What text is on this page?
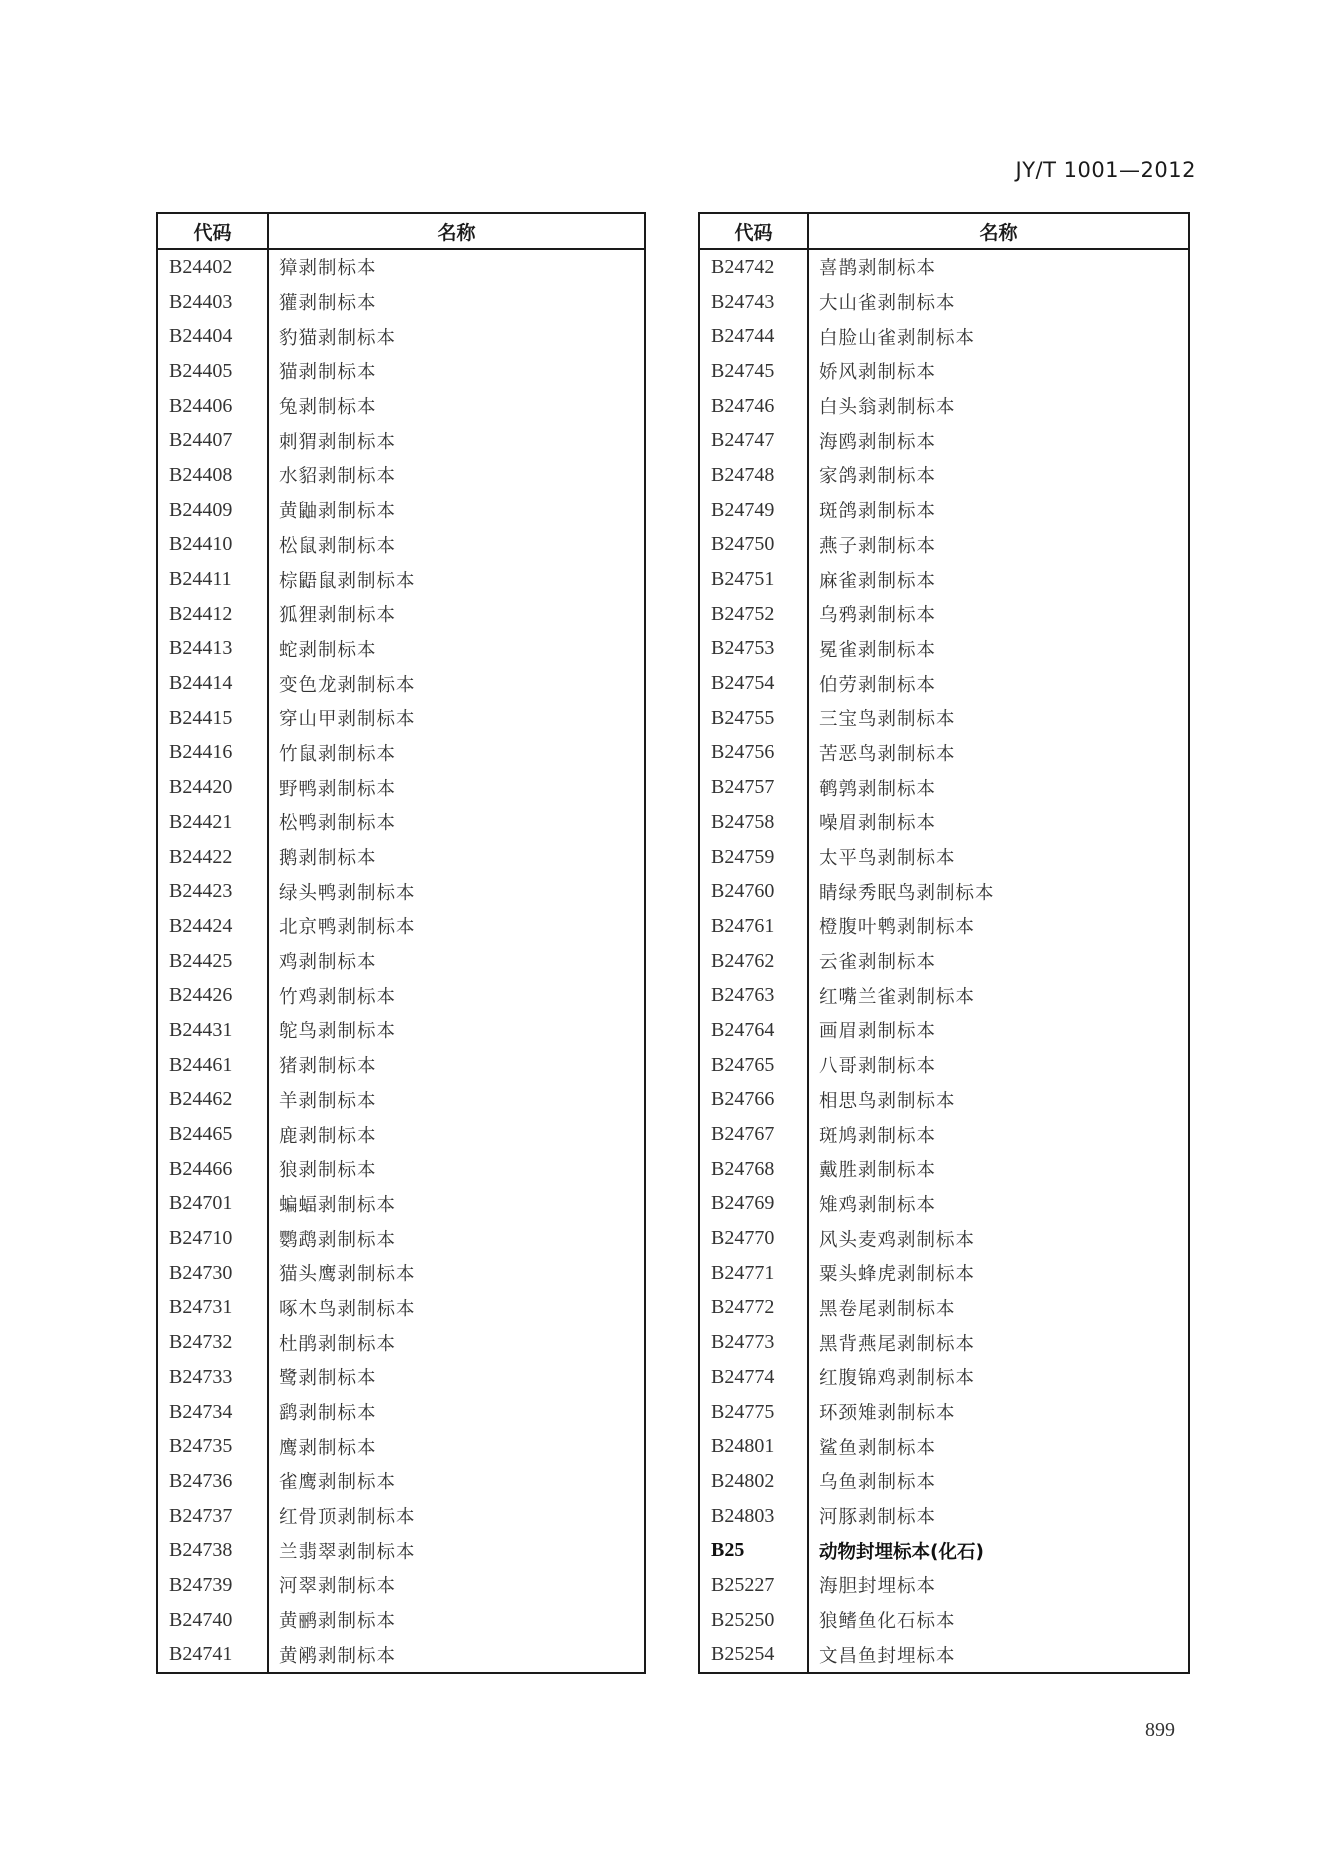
JY/T 1001—2012
代码	名称
B24402	獐剥制标本
B24403	獾剥制标本
B24404	豹猫剥制标本
B24405	猫剥制标本
B24406	兔剥制标本
B24407	刺猬剥制标本
B24408	水貂剥制标本
B24409	黄鼬剥制标本
B24410	松鼠剥制标本
B24411	棕鼯鼠剥制标本
B24412	狐狸剥制标本
B24413	蛇剥制标本
B24414	变色龙剥制标本
B24415	穿山甲剥制标本
B24416	竹鼠剥制标本
B24420	野鸭剥制标本
B24421	松鸭剥制标本
B24422	鹅剥制标本
B24423	绿头鸭剥制标本
B24424	北京鸭剥制标本
B24425	鸡剥制标本
B24426	竹鸡剥制标本
B24431	鸵鸟剥制标本
B24461	猪剥制标本
B24462	羊剥制标本
B24465	鹿剥制标本
B24466	狼剥制标本
B24701	蝙蝠剥制标本
B24710	鹦鹉剥制标本
B24730	猫头鹰剥制标本
B24731	啄木鸟剥制标本
B24732	杜鹃剥制标本
B24733	鹭剥制标本
B24734	鹞剥制标本
B24735	鹰剥制标本
B24736	雀鹰剥制标本
B24737	红骨顶剥制标本
B24738	兰翡翠剥制标本
B24739	河翠剥制标本
B24740	黄鹂剥制标本
B24741	黄鹇剥制标本
代码	名称
B24742	喜鹊剥制标本
B24743	大山雀剥制标本
B24744	白脸山雀剥制标本
B24745	娇风剥制标本
B24746	白头翁剥制标本
B24747	海鸥剥制标本
B24748	家鸽剥制标本
B24749	斑鸽剥制标本
B24750	燕子剥制标本
B24751	麻雀剥制标本
B24752	乌鸦剥制标本
B24753	冕雀剥制标本
B24754	伯劳剥制标本
B24755	三宝鸟剥制标本
B24756	苦恶鸟剥制标本
B24757	鹌鹑剥制标本
B24758	噪眉剥制标本
B24759	太平鸟剥制标本
B24760	睛绿秀眠鸟剥制标本
B24761	橙腹叶鹎剥制标本
B24762	云雀剥制标本
B24763	红嘴兰雀剥制标本
B24764	画眉剥制标本
B24765	八哥剥制标本
B24766	相思鸟剥制标本
B24767	斑鸠剥制标本
B24768	戴胜剥制标本
B24769	雉鸡剥制标本
B24770	风头麦鸡剥制标本
B24771	粟头蜂虎剥制标本
B24772	黑卷尾剥制标本
B24773	黑背燕尾剥制标本
B24774	红腹锦鸡剥制标本
B24775	环颈雉剥制标本
B24801	鲨鱼剥制标本
B24802	乌鱼剥制标本
B24803	河豚剥制标本
B25	动物封埋标本(化石)
B25227	海胆封埋标本
B25250	狼鳍鱼化石标本
B25254	文昌鱼封埋标本
899
